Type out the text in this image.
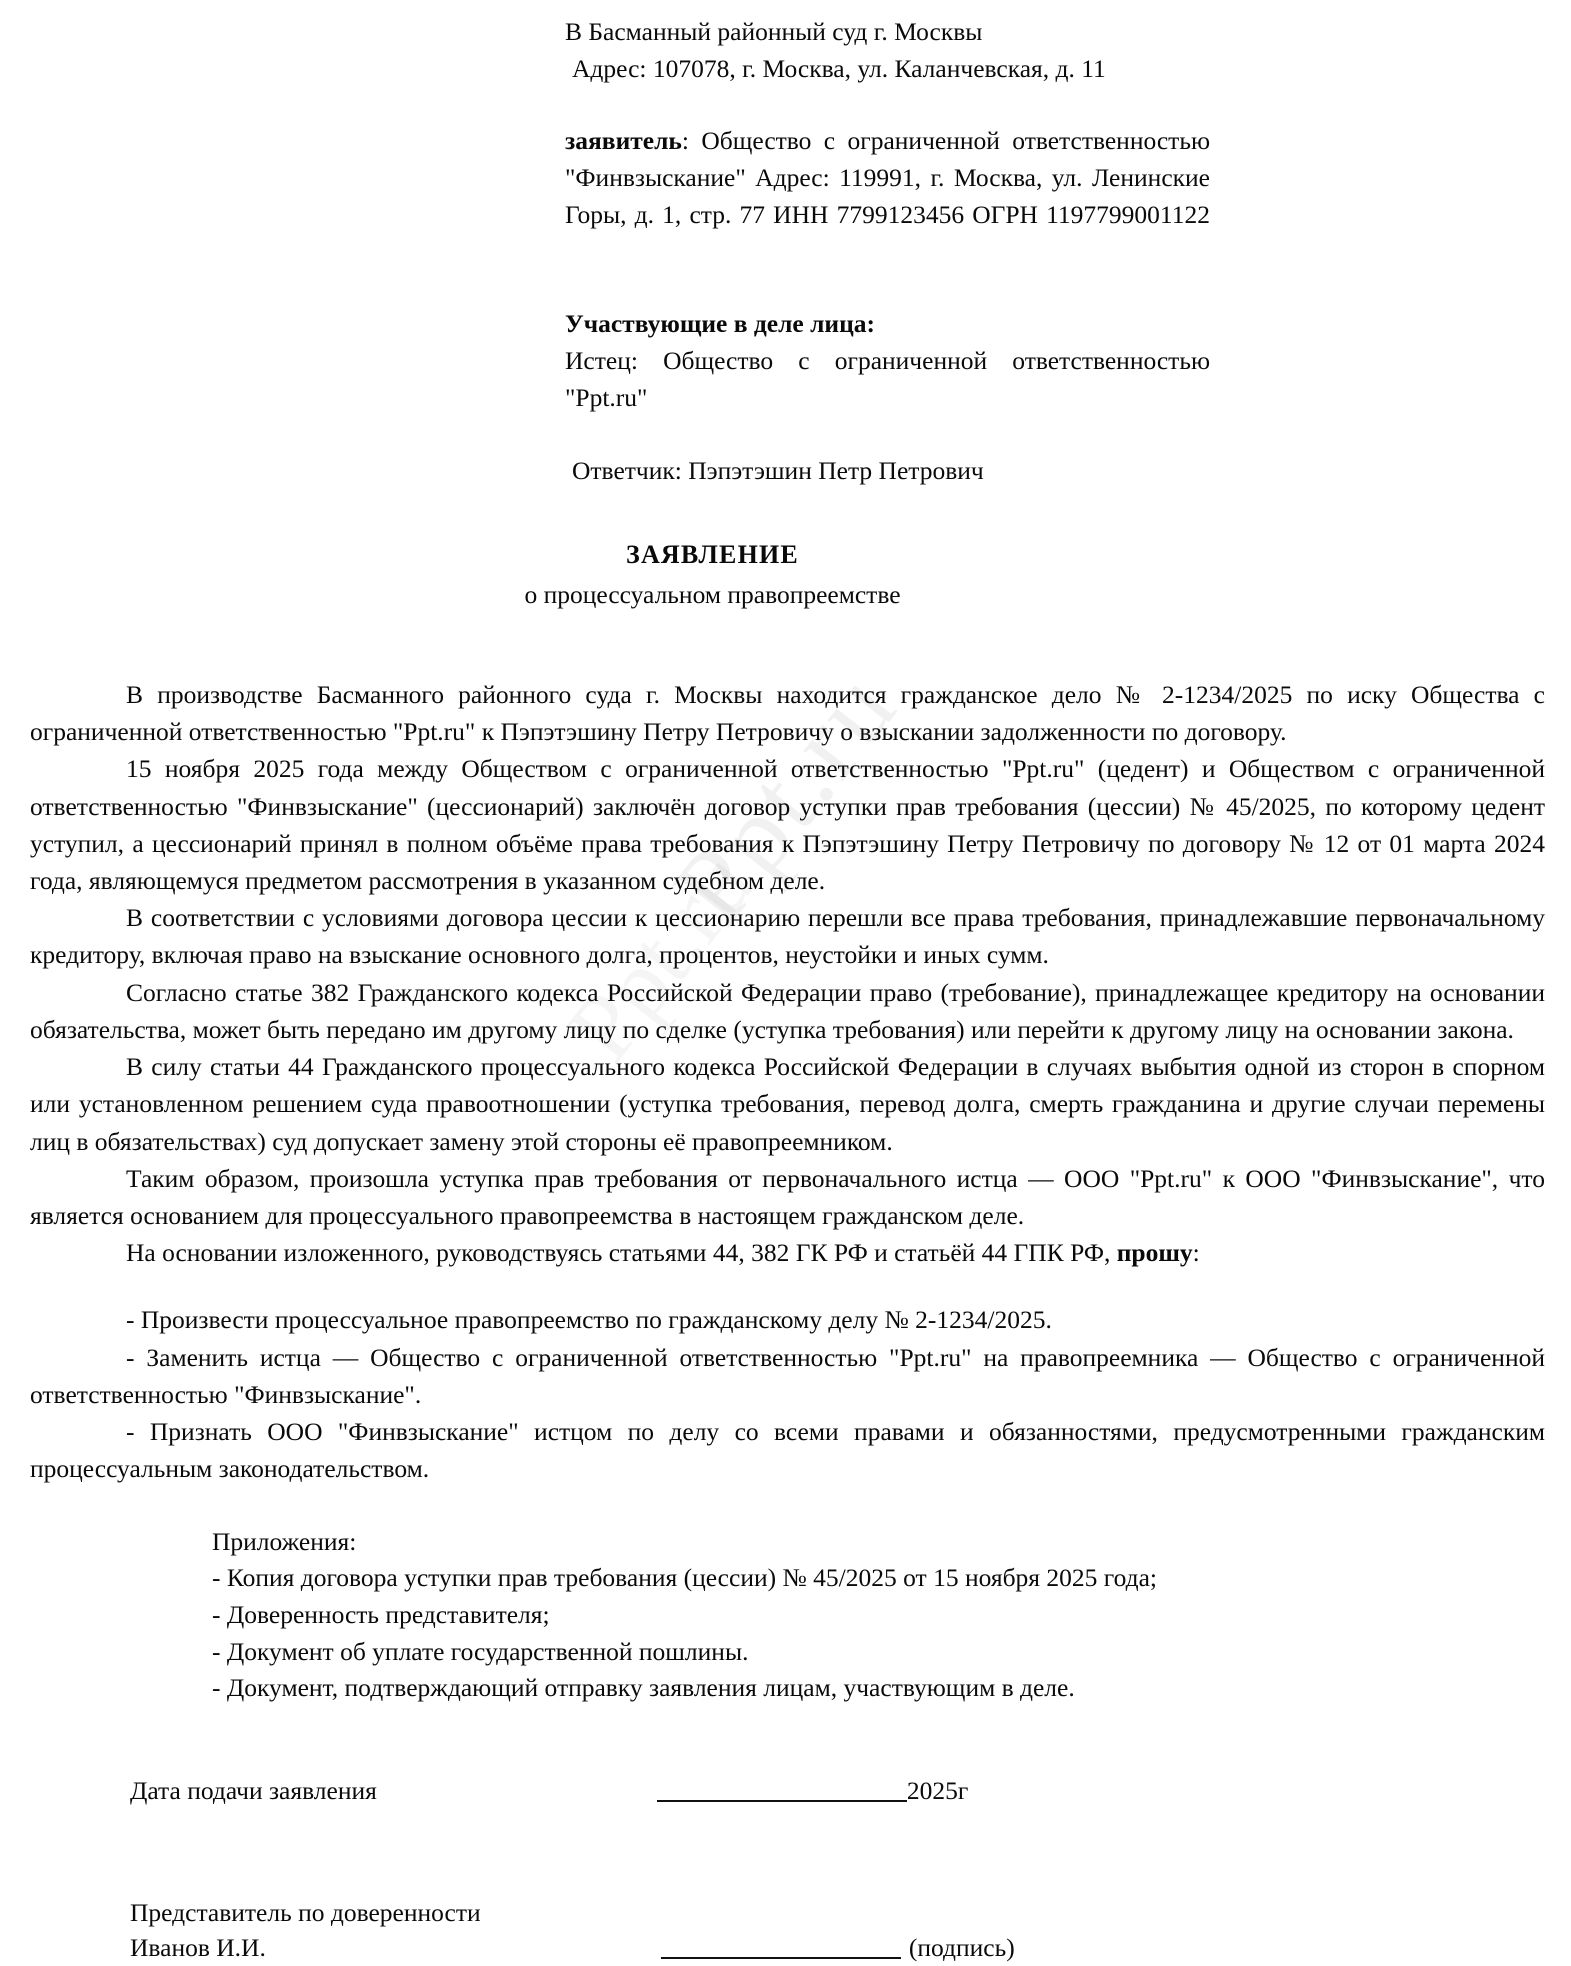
Ppt.ru

В Басманный районный суд г. Москвы

Адрес: 107078, г. Москва, ул. Каланчевская, д. 11

заявитель: Общество с ограниченной ответственностью "Финвзыскание" Адрес: 119991, г. Москва, ул. Ленинские Горы, д. 1, стр. 77 ИНН 7799123456 ОГРН 1197799001122

Участвующие в деле лица:

Истец: Общество с ограниченной ответственностью "Ppt.ru"

Ответчик: Пэпэтэшин Петр Петрович

ЗАЯВЛЕНИЕ

о процессуальном правопреемстве

В производстве Басманного районного суда г. Москвы находится гражданское дело № 2-1234/2025 по иску Общества с ограниченной ответственностью "Ppt.ru" к Пэпэтэшину Петру Петровичу о взыскании задолженности по договору.

15 ноября 2025 года между Обществом с ограниченной ответственностью "Ppt.ru" (цедент) и Обществом с ограниченной ответственностью "Финвзыскание" (цессионарий) заключён договор уступки прав требования (цессии) № 45/2025, по которому цедент уступил, а цессионарий принял в полном объёме права требования к Пэпэтэшину Петру Петровичу по договору № 12 от 01 марта 2024 года, являющемуся предметом рассмотрения в указанном судебном деле.

В соответствии с условиями договора цессии к цессионарию перешли все права требования, принадлежавшие первоначальному кредитору, включая право на взыскание основного долга, процентов, неустойки и иных сумм.

Согласно статье 382 Гражданского кодекса Российской Федерации право (требование), принадлежащее кредитору на основании обязательства, может быть передано им другому лицу по сделке (уступка требования) или перейти к другому лицу на основании закона.

В силу статьи 44 Гражданского процессуального кодекса Российской Федерации в случаях выбытия одной из сторон в спорном или установленном решением суда правоотношении (уступка требования, перевод долга, смерть гражданина и другие случаи перемены лиц в обязательствах) суд допускает замену этой стороны её правопреемником.

Таким образом, произошла уступка прав требования от первоначального истца — ООО "Ppt.ru" к ООО "Финвзыскание", что является основанием для процессуального правопреемства в настоящем гражданском деле.

На основании изложенного, руководствуясь статьями 44, 382 ГК РФ и статьёй 44 ГПК РФ, прошу:

- Произвести процессуальное правопреемство по гражданскому делу № 2-1234/2025.

- Заменить истца — Общество с ограниченной ответственностью "Ppt.ru" на правопреемника — Общество с ограниченной ответственностью "Финвзыскание".

- Признать ООО "Финвзыскание" истцом по делу со всеми правами и обязанностями, предусмотренными гражданским процессуальным законодательством.

Приложения:

- Копия договора уступки прав требования (цессии) № 45/2025 от 15 ноября 2025 года;

- Доверенность представителя;

- Документ об уплате государственной пошлины.

- Документ, подтверждающий отправку заявления лицам, участвующим в деле.

Дата подачи заявления	2025г

Представитель по доверенности

Иванов И.И.	(подпись)
